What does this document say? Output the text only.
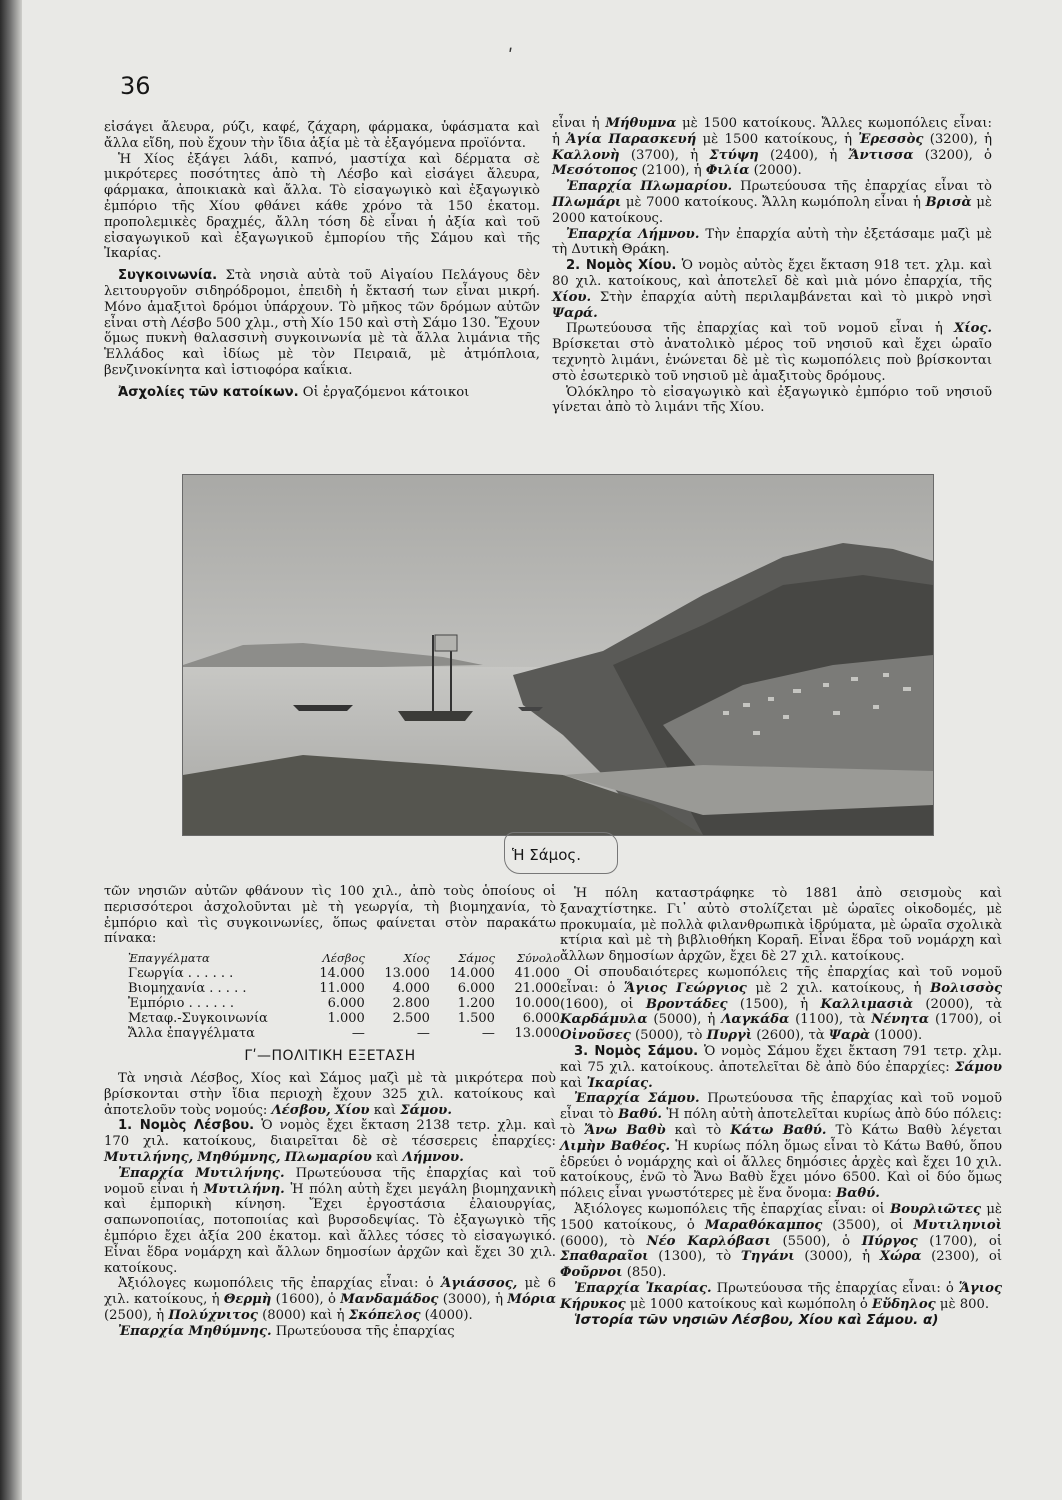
36
ʹ

εἰσάγει ἄλευρα, ρύζι, καφέ, ζάχαρη, φάρμακα, ὑφάσματα καὶ ἄλλα εἴδη, ποὺ ἔχουν τὴν ἴδια ἀξία μὲ τὰ ἐξαγόμενα προϊόντα.

Ἡ Χίος ἐξάγει λάδι, καπνό, μαστίχα καὶ δέρματα σὲ μικρότερες ποσότητες ἀπὸ τὴ Λέσβο καὶ εἰσάγει ἄλευρα, φάρμακα, ἀποικιακὰ καὶ ἄλλα. Τὸ εἰσαγωγικὸ καὶ ἐξαγωγικὸ ἐμπόριο τῆς Χίου φθάνει κάθε χρόνο τὰ 150 ἑκατομ. προπολεμικὲς δραχμές, ἄλλη τόση δὲ εἶναι ἡ ἀξία καὶ τοῦ εἰσαγωγικοῦ καὶ ἐξαγωγικοῦ ἐμπορίου τῆς Σάμου καὶ τῆς Ἰκαρίας.

Συγκοινωνία. Στὰ νησιὰ αὐτὰ τοῦ Αἰγαίου Πελάγους δὲν λειτουργοῦν σιδηρόδρομοι, ἐπειδὴ ἡ ἔκτασή των εἶναι μικρή. Μόνο ἁμαξιτοὶ δρόμοι ὑπάρχουν. Τὸ μῆκος τῶν δρόμων αὐτῶν εἶναι στὴ Λέσβο 500 χλμ., στὴ Χίο 150 καὶ στὴ Σάμο 130. Ἔχουν ὅμως πυκνὴ θαλασσινὴ συγκοινωνία μὲ τὰ ἄλλα λιμάνια τῆς Ἑλλάδος καὶ ἰδίως μὲ τὸν Πειραιᾶ, μὲ ἀτμόπλοια, βενζινοκίνητα καὶ ἱστιοφόρα καΐκια.

Ἀσχολίες τῶν κατοίκων. Οἱ ἐργαζόμενοι κάτοικοι

εἶναι ἡ Μήθυμνα μὲ 1500 κατοίκους. Ἄλλες κωμοπόλεις εἶναι: ἡ Ἁγία Παρασκευή μὲ 1500 κατοίκους, ἡ Ἐρεσσὸς (3200), ἡ Καλλονὴ (3700), ἡ Στύψη (2400), ἡ Ἄντισσα (3200), ὁ Μεσότοπος (2100), ἡ Φιλία (2000).

Ἐπαρχία Πλωμαρίου. Πρωτεύουσα τῆς ἐπαρχίας εἶναι τὸ Πλωμάρι μὲ 7000 κατοίκους. Ἄλλη κωμόπολη εἶναι ἡ Βρισὰ μὲ 2000 κατοίκους.

Ἐπαρχία Λήμνου. Τὴν ἐπαρχία αὐτὴ τὴν ἐξετάσαμε μαζὶ μὲ τὴ Δυτικὴ Θράκη.

2. Νομὸς Χίου. Ὁ νομὸς αὐτὸς ἔχει ἔκταση 918 τετ. χλμ. καὶ 80 χιλ. κατοίκους, καὶ ἀποτελεῖ δὲ καὶ μιὰ μόνο ἐπαρχία, τῆς Χίου. Στὴν ἐπαρχία αὐτὴ περιλαμβάνεται καὶ τὸ μικρὸ νησὶ Ψαρά.

Πρωτεύουσα τῆς ἐπαρχίας καὶ τοῦ νομοῦ εἶναι ἡ Χίος. Βρίσκεται στὸ ἀνατολικὸ μέρος τοῦ νησιοῦ καὶ ἔχει ὡραῖο τεχνητὸ λιμάνι, ἑνώνεται δὲ μὲ τὶς κωμοπόλεις ποὺ βρίσκονται στὸ ἐσωτερικὸ τοῦ νησιοῦ μὲ ἁμαξιτοὺς δρόμους.

Ὁλόκληρο τὸ εἰσαγωγικὸ καὶ ἐξαγωγικὸ ἐμπόριο τοῦ νησιοῦ γίνεται ἀπὸ τὸ λιμάνι τῆς Χίου.

Ἡ Σάμος.

τῶν νησιῶν αὐτῶν φθάνουν τὶς 100 χιλ., ἀπὸ τοὺς ὁποίους οἱ περισσότεροι ἀσχολοῦνται μὲ τὴ γεωργία, τὴ βιομηχανία, τὸ ἐμπόριο καὶ τὶς συγκοινωνίες, ὅπως φαίνεται στὸν παρακάτω πίνακα:

Ἐπαγγέλματα	Λέσβος	Χίος	Σάμος	Σύνολο
Γεωργία . . . . . .	14.000	13.000	14.000	41.000
Βιομηχανία . . . . .	11.000	4.000	6.000	21.000
Ἐμπόριο . . . . . .	6.000	2.800	1.200	10.000
Μεταφ.-Συγκοινωνία	1.000	2.500	1.500	6.000
Ἄλλα ἐπαγγέλματα	—	—	—	13.000
Γʹ—ΠΟΛΙΤΙΚΗ ΕΞΕΤΑΣΗ

Τὰ νησιὰ Λέσβος, Χίος καὶ Σάμος μαζὶ μὲ τὰ μικρότερα ποὺ βρίσκονται στὴν ἴδια περιοχὴ ἔχουν 325 χιλ. κατοίκους καὶ ἀποτελοῦν τοὺς νομούς: Λέσβου, Χίου καὶ Σάμου.

1. Νομὸς Λέσβου. Ὁ νομὸς ἔχει ἔκταση 2138 τετρ. χλμ. καὶ 170 χιλ. κατοίκους, διαιρεῖται δὲ σὲ τέσσερεις ἐπαρχίες: Μυτιλήνης, Μηθύμνης, Πλωμαρίου καὶ Λήμνου.

Ἐπαρχία Μυτιλήνης. Πρωτεύουσα τῆς ἐπαρχίας καὶ τοῦ νομοῦ εἶναι ἡ Μυτιλήνη. Ἡ πόλη αὐτὴ ἔχει μεγάλη βιομηχανικὴ καὶ ἐμπορικὴ κίνηση. Ἔχει ἐργοστάσια ἐλαιουργίας, σαπωνοποιίας, ποτοποιίας καὶ βυρσοδεψίας. Τὸ ἐξαγωγικὸ τῆς ἐμπόριο ἔχει ἀξία 200 ἑκατομ. καὶ ἄλλες τόσες τὸ εἰσαγωγικό. Εἶναι ἕδρα νομάρχη καὶ ἄλλων δημοσίων ἀρχῶν καὶ ἔχει 30 χιλ. κατοίκους.

Ἀξιόλογες κωμοπόλεις τῆς ἐπαρχίας εἶναι: ὁ Ἁγιάσσος, μὲ 6 χιλ. κατοίκους, ἡ Θερμὴ (1600), ὁ Μανδαμάδος (3000), ἡ Μόρια (2500), ἡ Πολύχνιτος (8000) καὶ ἡ Σκόπελος (4000).

Ἐπαρχία Μηθύμνης. Πρωτεύουσα τῆς ἐπαρχίας

Ἡ πόλη καταστράφηκε τὸ 1881 ἀπὸ σεισμοὺς καὶ ξαναχτίστηκε. Γι᾽ αὐτὸ στολίζεται μὲ ὡραῖες οἰκοδομές, μὲ προκυμαία, μὲ πολλὰ φιλανθρωπικὰ ἱδρύματα, μὲ ὡραῖα σχολικὰ κτίρια καὶ μὲ τὴ βιβλιοθήκη Κοραῆ. Εἶναι ἕδρα τοῦ νομάρχη καὶ ἄλλων δημοσίων ἀρχῶν, ἔχει δὲ 27 χιλ. κατοίκους.

Οἱ σπουδαιότερες κωμοπόλεις τῆς ἐπαρχίας καὶ τοῦ νομοῦ εἶναι: ὁ Ἅγιος Γεώργιος μὲ 2 χιλ. κατοίκους, ἡ Βολισσὸς (1600), οἱ Βροντάδες (1500), ἡ Καλλιμασιὰ (2000), τὰ Καρδάμυλα (5000), ἡ Λαγκάδα (1100), τὰ Νένητα (1700), οἱ Οἰνοῦσες (5000), τὸ Πυργὶ (2600), τὰ Ψαρὰ (1000).

3. Νομὸς Σάμου. Ὁ νομὸς Σάμου ἔχει ἔκταση 791 τετρ. χλμ. καὶ 75 χιλ. κατοίκους. ἀποτελεῖται δὲ ἀπὸ δύο ἐπαρχίες: Σάμου καὶ Ἰκαρίας.

Ἐπαρχία Σάμου. Πρωτεύουσα τῆς ἐπαρχίας καὶ τοῦ νομοῦ εἶναι τὸ Βαθύ. Ἡ πόλη αὐτὴ ἀποτελεῖται κυρίως ἀπὸ δύο πόλεις: τὸ Ἄνω Βαθὺ καὶ τὸ Κάτω Βαθύ. Τὸ Κάτω Βαθὺ λέγεται Λιμὴν Βαθέος. Ἡ κυρίως πόλη ὅμως εἶναι τὸ Κάτω Βαθύ, ὅπου ἑδρεύει ὁ νομάρχης καὶ οἱ ἄλλες δημόσιες ἀρχὲς καὶ ἔχει 10 χιλ. κατοίκους, ἐνῶ τὸ Ἄνω Βαθὺ ἔχει μόνο 6500. Καὶ οἱ δύο ὅμως πόλεις εἶναι γνωστότερες μὲ ἕνα ὄνομα: Βαθύ.

Ἀξιόλογες κωμοπόλεις τῆς ἐπαρχίας εἶναι: οἱ Βουρλιῶτες μὲ 1500 κατοίκους, ὁ Μαραθόκαμπος (3500), οἱ Μυτιληνιοὶ (6000), τὸ Νέο Καρλόβασι (5500), ὁ Πύργος (1700), οἱ Σπαθαραῖοι (1300), τὸ Τηγάνι (3000), ἡ Χώρα (2300), οἱ Φοῦρνοι (850).

Ἐπαρχία Ἰκαρίας. Πρωτεύουσα τῆς ἐπαρχίας εἶναι: ὁ Ἅγιος Κήρυκος μὲ 1000 κατοίκους καὶ κωμόπολη ὁ Εὔδηλος μὲ 800.

Ἱστορία τῶν νησιῶν Λέσβου, Χίου καὶ Σάμου. α)
